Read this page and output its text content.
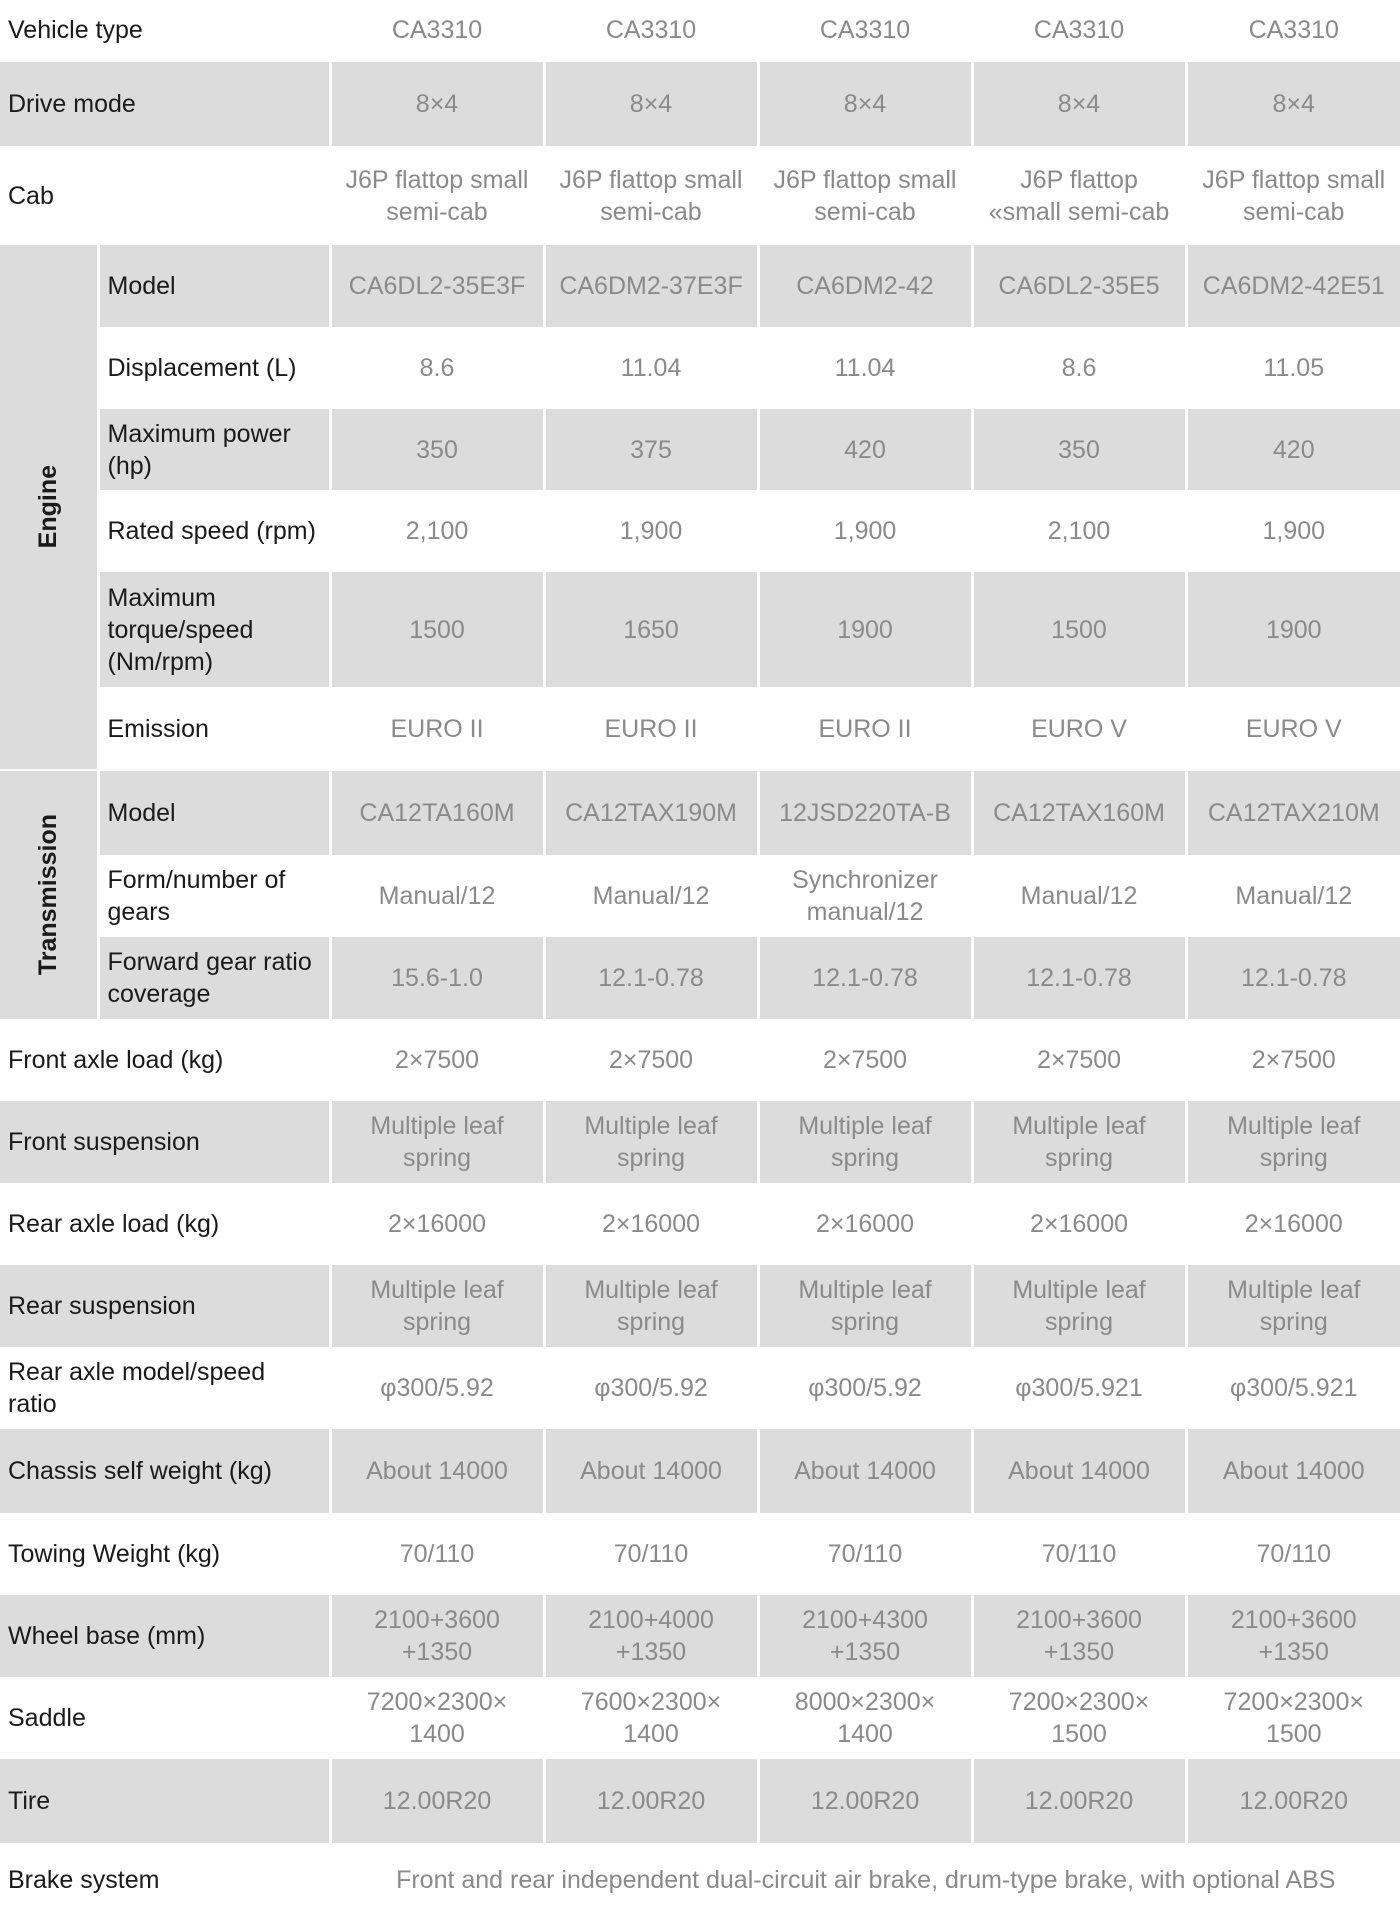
Vehicle type		CA3310	CA3310	CA3310	CA3310	CA3310
Drive mode		8×4	8×4	8×4	8×4	8×4
Cab		J6P flattop small semi-cab	J6P flattop small semi-cab	J6P flattop small semi-cab	J6P flattop «small semi-cab	J6P flattop small semi-cab

Engine	Model	CA6DL2-35E3F	CA6DM2-37E3F	CA6DM2-42	CA6DL2-35E5	CA6DM2-42E51
	Displacement (L)	8.6	11.04	11.04	8.6	11.05
	Maximum power (hp)	350	375	420	350	420
	Rated speed (rpm)	2,100	1,900	1,900	2,100	1,900
	Maximum torque/speed (Nm/rpm)	1500	1650	1900	1500	1900
	Emission	EURO II	EURO II	EURO II	EURO V	EURO V

Transmission	Model	CA12TA160M	CA12TAX190M	12JSD220TA-B	CA12TAX160M	CA12TAX210M
	Form/number of gears	Manual/12	Manual/12	Synchronizer manual/12	Manual/12	Manual/12
	Forward gear ratio coverage	15.6-1.0	12.1-0.78	12.1-0.78	12.1-0.78	12.1-0.78
Front axle load (kg)		2×7500	2×7500	2×7500	2×7500	2×7500
Front suspension		Multiple leaf spring	Multiple leaf spring	Multiple leaf spring	Multiple leaf spring	Multiple leaf spring
Rear axle load (kg)		2×16000	2×16000	2×16000	2×16000	2×16000
Rear suspension		Multiple leaf spring	Multiple leaf spring	Multiple leaf spring	Multiple leaf spring	Multiple leaf spring
Rear axle model/speed ratio		φ300/5.92	φ300/5.92	φ300/5.92	φ300/5.921	φ300/5.921
Chassis self weight (kg)		About 14000	About 14000	About 14000	About 14000	About 14000
Towing Weight (kg)		70/110	70/110	70/110	70/110	70/110
Wheel base (mm)		2100+3600 +1350	2100+4000 +1350	2100+4300 +1350	2100+3600 +1350	2100+3600 +1350
Saddle		7200×2300× 1400	7600×2300× 1400	8000×2300× 1400	7200×2300× 1500	7200×2300× 1500
Tire		12.00R20	12.00R20	12.00R20	12.00R20	12.00R20
Brake system		Front and rear independent dual-circuit air brake, drum-type brake, with optional ABS				
